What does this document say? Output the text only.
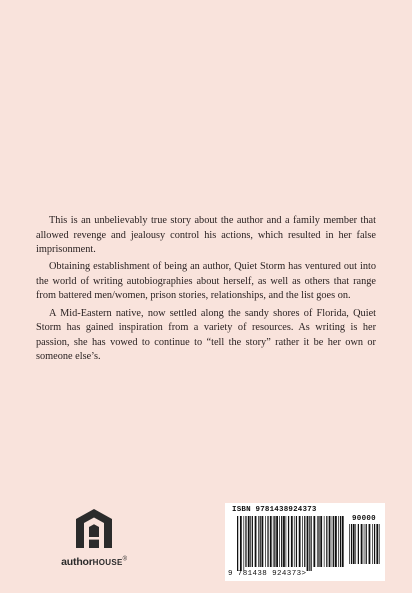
This is an unbelievably true story about the author and a family member that allowed revenge and jealousy control his actions, which resulted in her false imprisonment.

Obtaining establishment of being an author, Quiet Storm has ventured out into the world of writing autobiographies about herself, as well as others that range from battered men/women, prison stories, relationships, and the list goes on.

A Mid-Eastern native, now settled along the sandy shores of Florida, Quiet Storm has gained inspiration from a variety of resources. As writing is her passion, she has vowed to continue to “tell the story” rather it be her own or someone else’s.

authorHOUSE®
ISBN 9781438924373
90000
9 781438 924373>
